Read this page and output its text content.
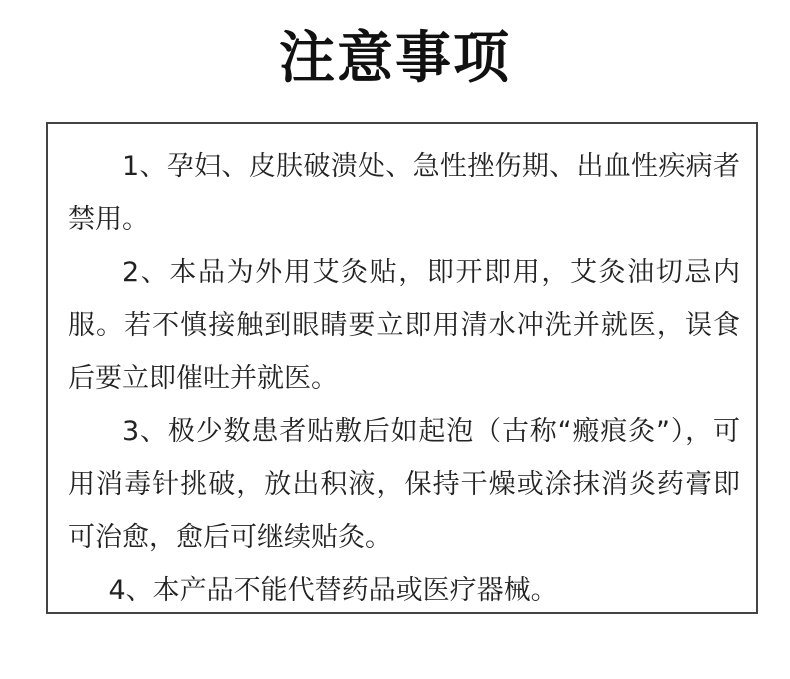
注意事项

1、孕妇、皮肤破溃处、急性挫伤期、出血性疾病者禁用。

2、本品为外用艾灸贴，即开即用，艾灸油切忌内服。若不慎接触到眼睛要立即用清水冲洗并就医，误食后要立即催吐并就医。

3、极少数患者贴敷后如起泡（古称“瘢痕灸”），可用消毒针挑破，放出积液，保持干燥或涂抹消炎药膏即可治愈，愈后可继续贴灸。

4、本产品不能代替药品或医疗器械。
